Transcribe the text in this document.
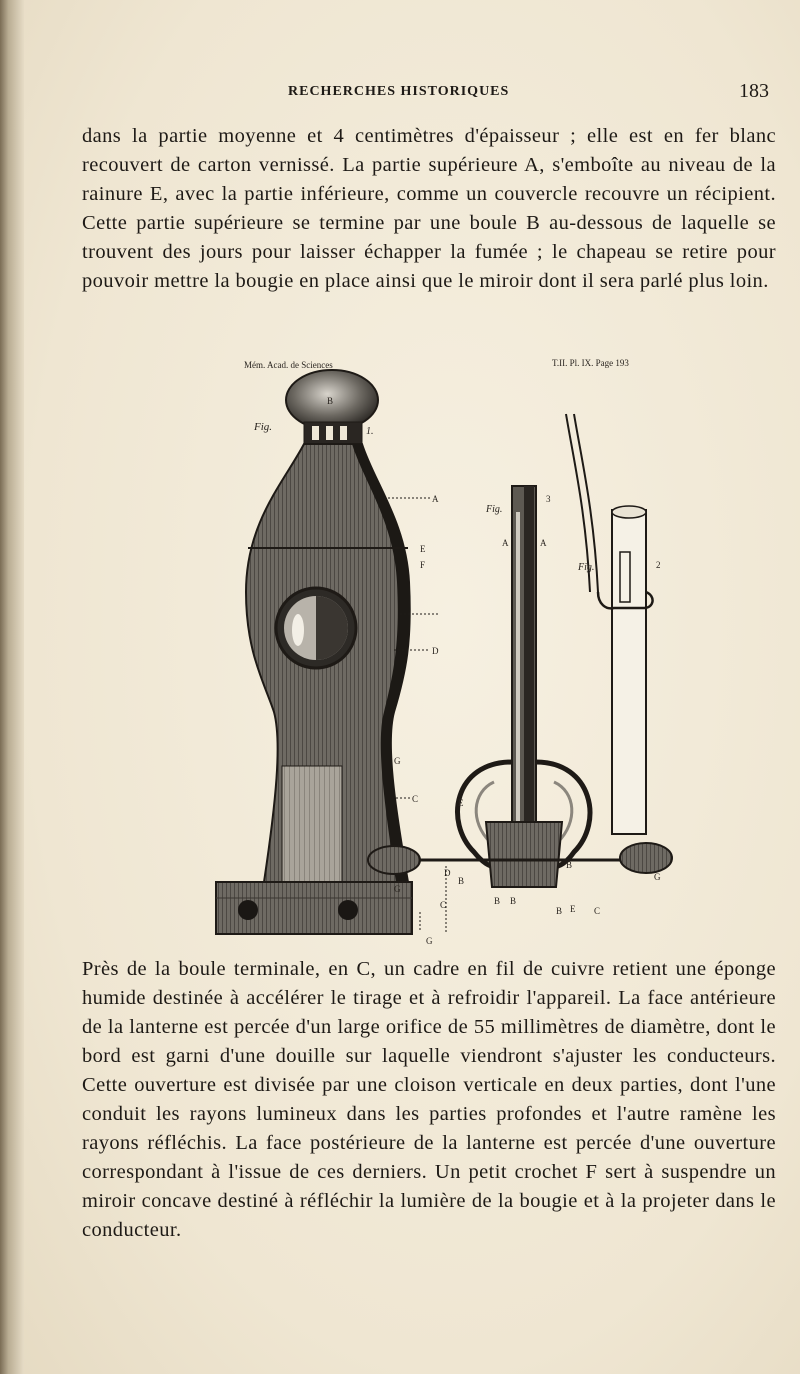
RECHERCHES HISTORIQUES	183

dans la partie moyenne et 4 centimètres d'épaisseur ; elle est en fer blanc recouvert de carton vernissé. La partie supérieure A, s'emboîte au niveau de la rainure E, avec la partie inférieure, comme un couvercle recouvre un récipient. Cette partie supérieure se termine par une boule B au-dessous de laquelle se trouvent des jours pour laisser échapper la fumée ; le chapeau se retire pour pouvoir mettre la bougie en place ainsi que le miroir dont il sera parlé plus loin.

Mém. Acad. de Sciences	T.II. Pl. IX. Page 193
Fig.	1.
B
A
E
F
D
G
C
G
G
Fig.
3
A	A
E
D
B
B
G
C	B B
B E C
Fig.	2

Près de la boule terminale, en C, un cadre en fil de cuivre retient une éponge humide destinée à accélérer le tirage et à refroidir l'appareil. La face antérieure de la lanterne est percée d'un large orifice de 55 millimètres de diamètre, dont le bord est garni d'une douille sur laquelle viendront s'ajuster les conducteurs. Cette ouverture est divisée par une cloison verticale en deux parties, dont l'une conduit les rayons lumineux dans les parties profondes et l'autre ramène les rayons réfléchis. La face postérieure de la lanterne est percée d'une ouverture correspondant à l'issue de ces derniers. Un petit crochet F sert à suspendre un miroir concave destiné à réfléchir la lumière de la bougie et à la projeter dans le conducteur.
